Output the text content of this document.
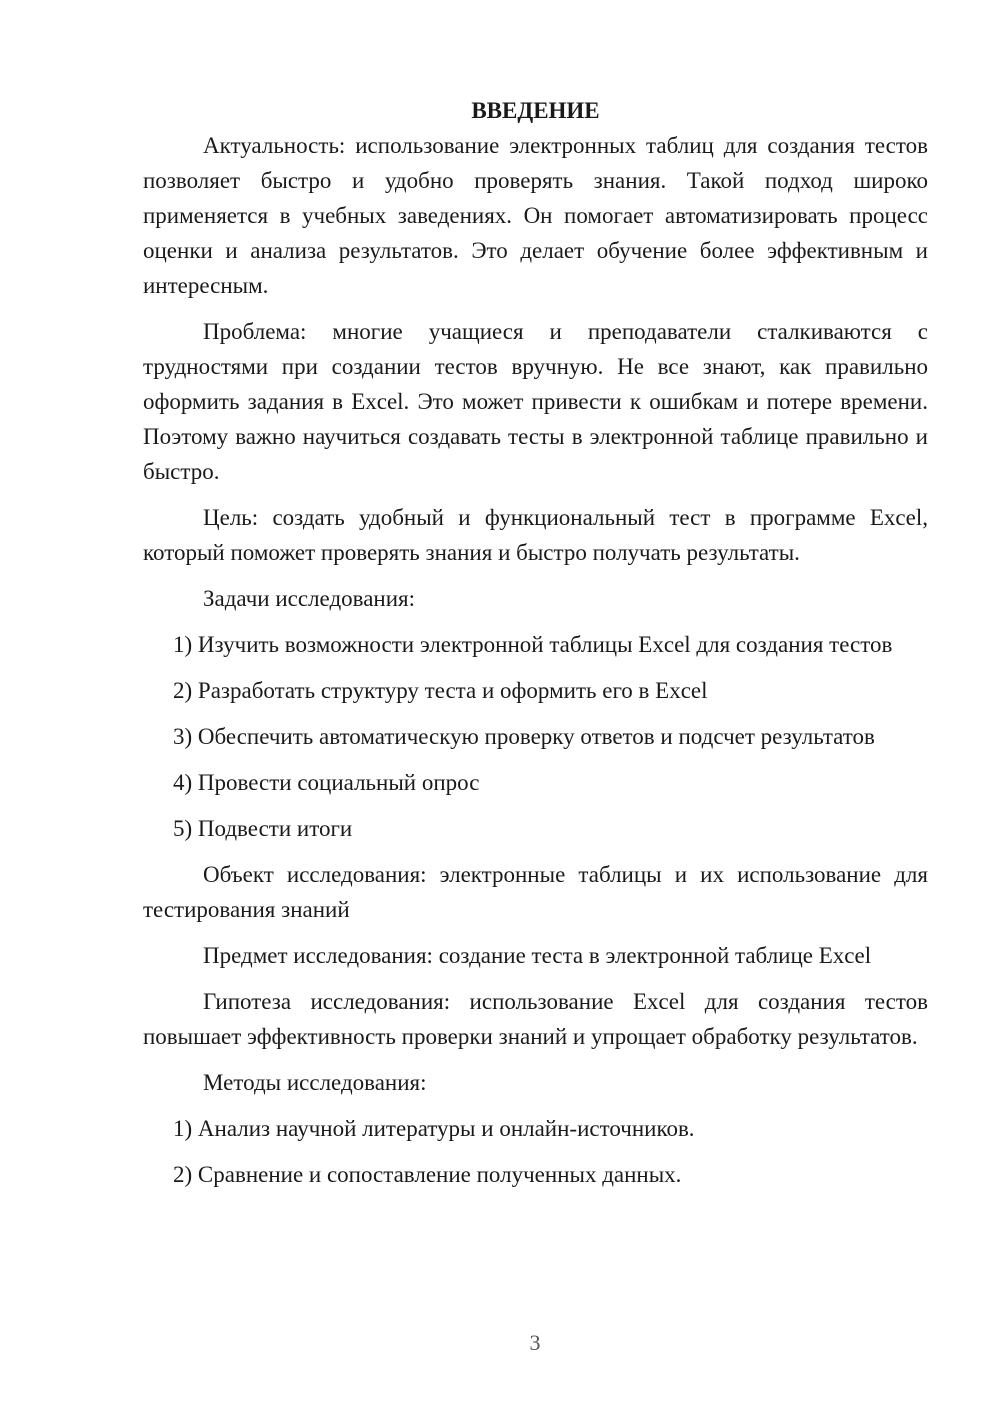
ВВЕДЕНИЕ
Актуальность: использование электронных таблиц для создания тестов позволяет быстро и удобно проверять знания. Такой подход широко применяется в учебных заведениях. Он помогает автоматизировать процесс оценки и анализа результатов. Это делает обучение более эффективным и интересным.
Проблема: многие учащиеся и преподаватели сталкиваются с трудностями при создании тестов вручную. Не все знают, как правильно оформить задания в Excel. Это может привести к ошибкам и потере времени. Поэтому важно научиться создавать тесты в электронной таблице правильно и быстро.
Цель: создать удобный и функциональный тест в программе Excel, который поможет проверять знания и быстро получать результаты.
Задачи исследования:
1) Изучить возможности электронной таблицы Excel для создания тестов
2) Разработать структуру теста и оформить его в Excel
3) Обеспечить автоматическую проверку ответов и подсчет результатов
4) Провести социальный опрос
5) Подвести итоги
Объект исследования: электронные таблицы и их использование для тестирования знаний
Предмет исследования: создание теста в электронной таблице Excel
Гипотеза исследования: использование Excel для создания тестов повышает эффективность проверки знаний и упрощает обработку результатов.
Методы исследования:
1) Анализ научной литературы и онлайн-источников.
2) Сравнение и сопоставление полученных данных.
3
